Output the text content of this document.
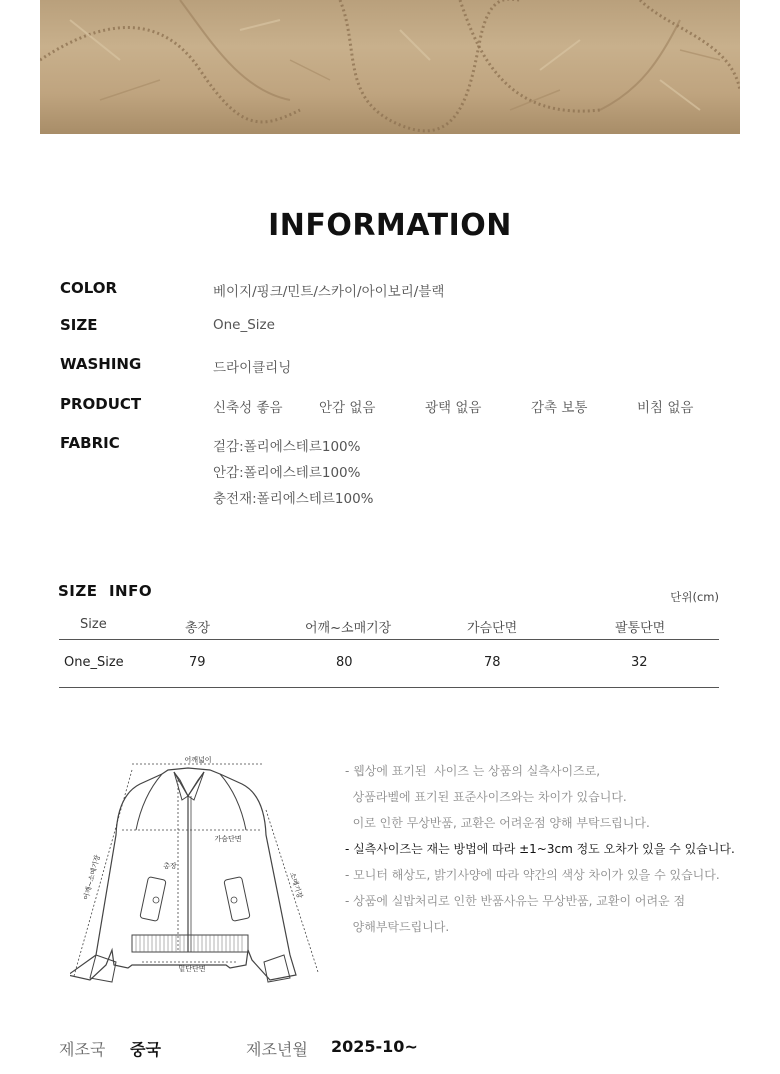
INFORMATION
COLOR	베이지/핑크/민트/스카이/아이보리/블랙
SIZE	One_Size
WASHING	드라이클리닝
PRODUCT	신축성 좋음	안감 없음	광택 없음	감촉 보통	비침 없음
FABRIC	겉감:폴리에스테르100%
안감:폴리에스테르100%
충전재:폴리에스테르100%
SIZE  INFO	단위(cm)
Size	총장	어깨~소매기장	가슴단면	팔통단면
One_Size	79	80	78	32
어깨넓이
가슴단면
총장
어깨~소매기장	소매기장
밑단단면
- 웹상에 표기된  사이즈 는 상품의 실측사이즈로,
상품라벨에 표기된 표준사이즈와는 차이가 있습니다.
이로 인한 무상반품, 교환은 어려운점 양해 부탁드립니다.
- 실측사이즈는 재는 방법에 따라 ±1~3cm 정도 오차가 있을 수 있습니다.
- 모니터 해상도, 밝기사양에 따라 약간의 색상 차이가 있을 수 있습니다.
- 상품에 실밥처리로 인한 반품사유는 무상반품, 교환이 어려운 점
양해부탁드립니다.
제조국 중국	제조년월 2025-10~
